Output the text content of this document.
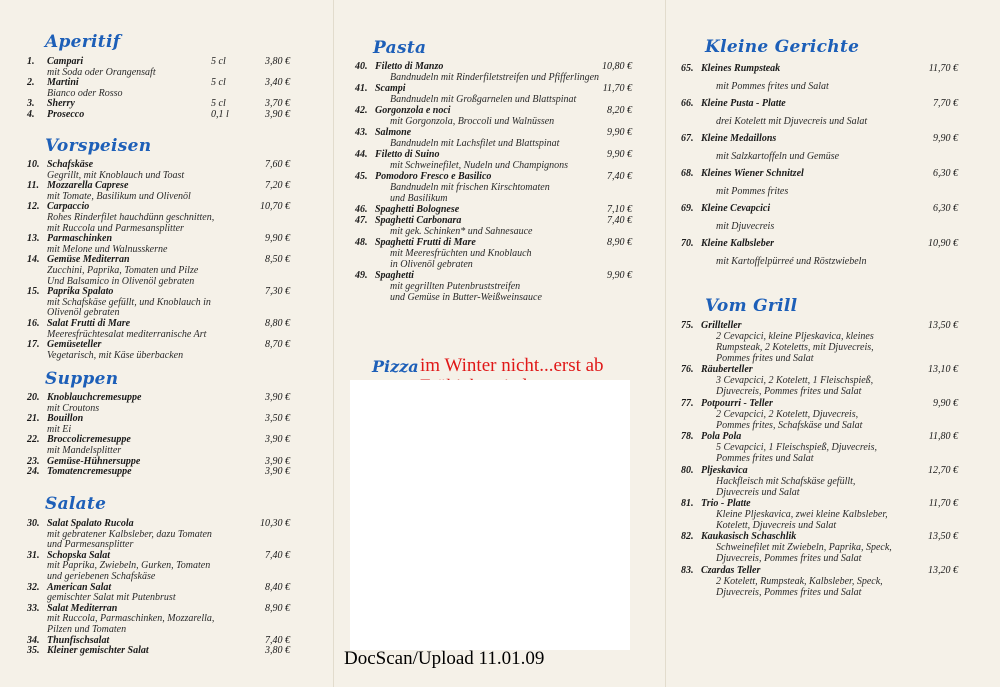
Aperitif
1. Campari	5 cl	3,80 €
mit Soda oder Orangensaft
2. Martini	5 cl	3,40 €
Bianco oder Rosso
3. Sherry	5 cl	3,70 €
4. Prosecco	0,1 l	3,90 €
Vorspeisen
10. Schafskäse	7,60 €
Gegrillt, mit Knoblauch und Toast
11. Mozzarella Caprese	7,20 €
mit Tomate, Basilikum und Olivenöl
12. Carpaccio	10,70 €
Rohes Rinderfilet hauchdünn geschnitten,
mit Ruccola und Parmesansplitter
13. Parmaschinken	9,90 €
mit Melone und Walnusskerne
14. Gemüse Mediterran	8,50 €
Zucchini, Paprika, Tomaten und Pilze
Und Balsamico in Olivenöl gebraten
15. Paprika Spalato	7,30 €
mit Schafskäse gefüllt, und Knoblauch in
Olivenöl gebraten
16. Salat Frutti di Mare	8,80 €
Meeresfrüchtesalat mediterranische Art
17. Gemüseteller	8,70 €
Vegetarisch, mit Käse überbacken
Suppen
20. Knoblauchcremesuppe	3,90 €
mit Croutons
21. Bouillon	3,50 €
mit Ei
22. Broccolicremesuppe	3,90 €
mit Mandelsplitter
23. Gemüse-Hühnersuppe	3,90 €
24. Tomatencremesuppe	3,90 €
Salate
30. Salat Spalato Rucola	10,30 €
mit gebratener Kalbsleber, dazu Tomaten
und Parmesansplitter
31. Schopska Salat	7,40 €
mit Paprika, Zwiebeln, Gurken, Tomaten
und geriebenen Schafskäse
32. American Salat	8,40 €
gemischter Salat mit Putenbrust
33. Salat Mediterran	8,90 €
mit Ruccola, Parmaschinken, Mozzarella,
Pilzen und Tomaten
34. Thunfischsalat	7,40 €
35. Kleiner gemischter Salat	3,80 €
Pasta
40. Filetto di Manzo	10,80 €
Bandnudeln mit Rinderfiletstreifen und Pfifferlingen
41. Scampi	11,70 €
Bandnudeln mit Großgarnelen und Blattspinat
42. Gorgonzola e noci	8,20 €
mit Gorgonzola, Broccoli und Walnüssen
43. Salmone	9,90 €
Bandnudeln mit Lachsfilet und Blattspinat
44. Filetto di Suino	9,90 €
mit Schweinefilet, Nudeln und Champignons
45. Pomodoro Fresco e Basilico	7,40 €
Bandnudeln mit frischen Kirschtomaten
und Basilikum
46. Spaghetti Bolognese	7,10 €
47. Spaghetti Carbonara	7,40 €
mit gek. Schinken* und Sahnesauce
48. Spaghetti Frutti di Mare	8,90 €
mit Meeresfrüchten und Knoblauch
in Olivenöl gebraten
49. Spaghetti	9,90 €
mit gegrillten Putenbruststreifen
und Gemüse in Butter-Weißweinsauce
Kleine Gerichte
65. Kleines Rumpsteak	11,70 €
mit Pommes frites und Salat
66. Kleine Pusta - Platte	7,70 €
drei Kotelett mit Djuvecreis und Salat
67. Kleine Medaillons	9,90 €
mit Salzkartoffeln und Gemüse
68. Kleines Wiener Schnitzel	6,30 €
mit Pommes frites
69. Kleine Cevapcici	6,30 €
mit Djuvecreis
70. Kleine Kalbsleber	10,90 €
mit Kartoffelpürreé und Röstzwiebeln
Vom Grill
75. Grillteller	13,50 €
2 Cevapcici, kleine Pljeskavica, kleines
Rumpsteak, 2 Koteletts, mit Djuvecreis,
Pommes frites und Salat
76. Räuberteller	13,10 €
3 Cevapcici, 2 Kotelett, 1 Fleischspieß,
Djuvecreis, Pommes frites und Salat
77. Potpourri - Teller	9,90 €
2 Cevapcici, 2 Kotelett, Djuvecreis,
Pommes frites, Schafskäse und Salat
78. Pola Pola	11,80 €
5 Cevapcici, 1 Fleischspieß, Djuvecreis,
Pommes frites und Salat
80. Pljeskavica	12,70 €
Hackfleisch mit Schafskäse gefüllt,
Djuvecreis und Salat
81. Trio - Platte	11,70 €
Kleine Pljeskavica, zwei kleine Kalbsleber,
Kotelett, Djuvecreis und Salat
82. Kaukasisch Schaschlik	13,50 €
Schweinefilet mit Zwiebeln, Paprika, Speck,
Djuvecreis, Pommes frites und Salat
83. Czardas Teller	13,20 €
2 Kotelett, Rumpsteak, Kalbsleber, Speck,
Djuvecreis, Pommes frites und Salat
Pizza im Winter nicht...erst ab
DocScan/Upload 11.01.09
